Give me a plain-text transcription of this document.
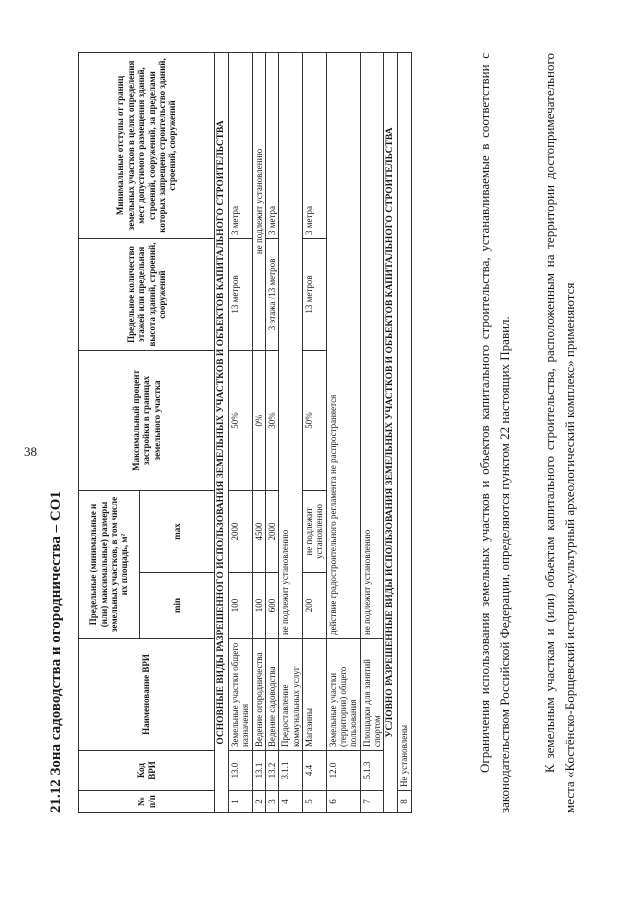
38
21.12 Зона садоводства и огородничества – СО1	№ п/п	Код ВРИ	Наименование ВРИ	Предельные (минимальные и (или) максимальные) размеры земельных участков, в том числе их площадь, м²		Максимальный процент застройки в границах земельного участка	Предельное количество этажей или предельная высота зданий, строений, сооружений	Минимальные отступы от границ земельных участков в целях определения мест допустимого размещения зданий, строений, сооружений, за пределами которых запрещено строительство зданий, строений, сооружений
			min	max			
ОСНОВНЫЕ ВИДЫ РАЗРЕШЕННОГО ИСПОЛЬЗОВАНИЯ ЗЕМЕЛЬНЫХ УЧАСТКОВ И ОБЪЕКТОВ КАПИТАЛЬНОГО СТРОИТЕЛЬСТВА							
1	13.0	Земельные участки общего назначения	100	2000	50%	13 метров	3 метра
2	13.1	Ведение огородничества	100	4500	0%	не подлежит установлению	
3	13.2	Ведение садоводства	600	2000	30%	3 этажа /13 метров	3 метра
4	3.1.1	Предоставление коммунальных услуг	не подлежит установлению				
5	4.4	Магазины	200	не подлежит установлению	50%	13 метров	3 метра
6	12.0	Земельные участки (территории) общего пользования	действие градостроительного регламента не распространяется				
7	5.1.3	Площадки для занятий спортом	не подлежит установлению				
УСЛОВНО РАЗРЕШЕННЫЕ ВИДЫ ИСПОЛЬЗОВАНИЯ ЗЕМЕЛЬНЫХ УЧАСТКОВ И ОБЪЕКТОВ КАПИТАЛЬНОГО СТРОИТЕЛЬСТВА							
8	Не установлены							Ограничения использования земельных участков и объектов капитального строительства, устанавливаемые в соответствии с законодательством Российской Федерации, определяются пунктом 22 настоящих Правил. К земельным участкам и (или) объектам капитального строительства, расположенным на территории достопримечательного места «Костёнско-Борщевский историко-культурный археологический комплекс» применяются
